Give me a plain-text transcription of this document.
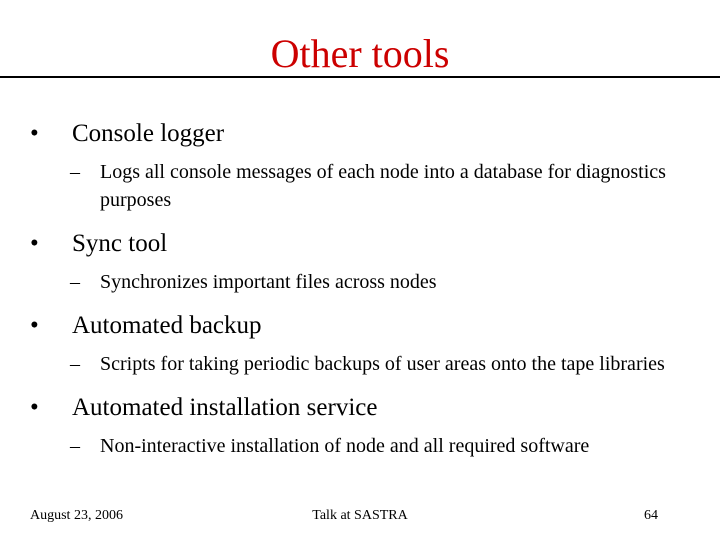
Other tools
• Console logger
– Logs all console messages of each node into a database for diagnostics purposes
• Sync tool
– Synchronizes important files across nodes
• Automated backup
– Scripts for taking periodic backups of user areas onto the tape libraries
• Automated installation service
– Non-interactive installation of node and all required software
August 23, 2006	Talk at SASTRA	64
